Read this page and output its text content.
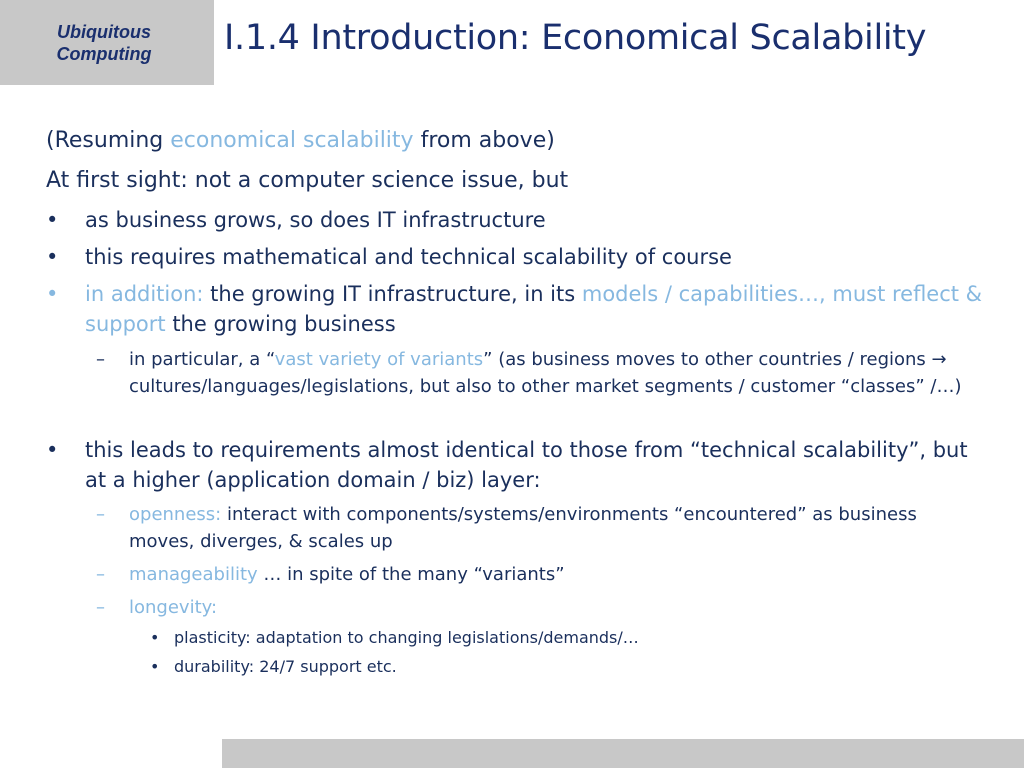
Ubiquitous
Computing I.1.4 Introduction: Economical Scalability
(Resuming economical scalability from above)
At first sight: not a computer science issue, but
•	as business grows, so does IT infrastructure
•	this requires mathematical and technical scalability of course
•	in addition: the growing IT infrastructure, in its models / capabilities…, must reflect & support the growing business
– in particular, a “vast variety of variants” (as business moves to other countries / regions → cultures/languages/legislations, but also to other market segments / customer “classes” /…)
•	this leads to requirements almost identical to those from “technical scalability”, but at a higher (application domain / biz) layer:
– openness: interact with components/systems/environments “encountered” as business moves, diverges, & scales up
– manageability … in spite of the many “variants”
– longevity:
• plasticity: adaptation to changing legislations/demands/…
• durability: 24/7 support etc.
